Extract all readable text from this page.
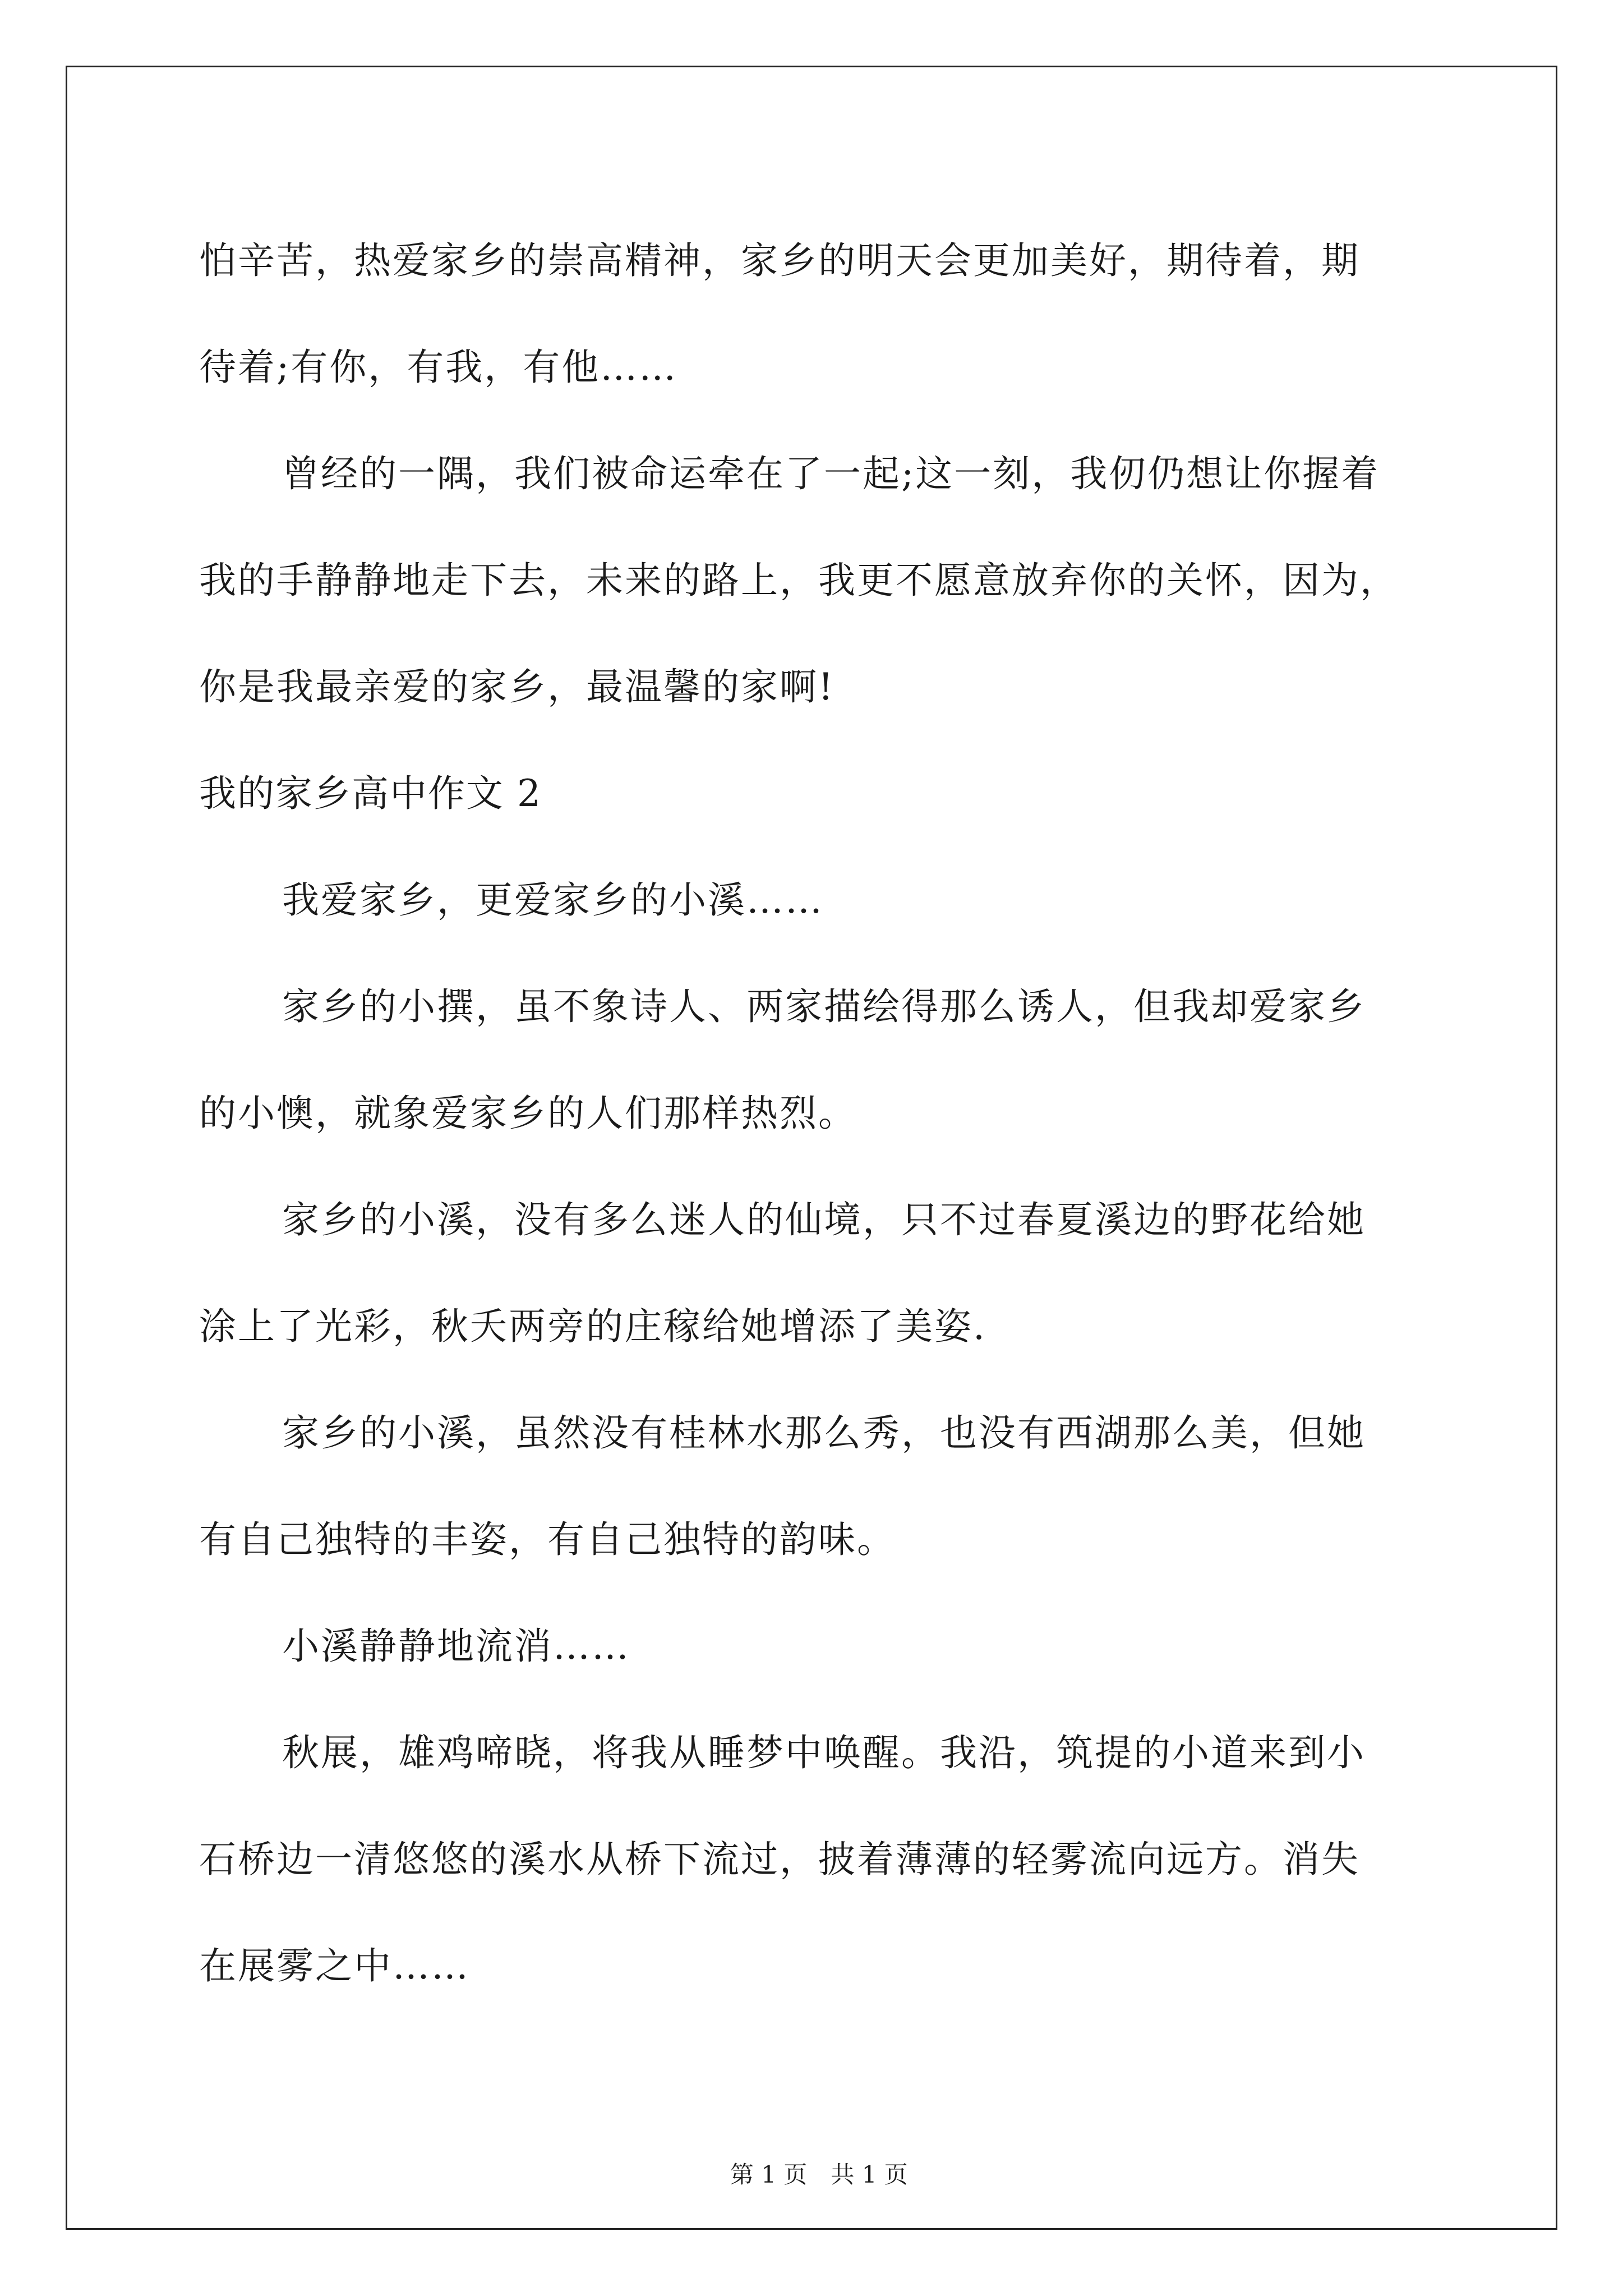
怕辛苦，热爱家乡的崇高精神，家乡的明天会更加美好，期待着，期

待着;有你，有我，有他……

曾经的一隅，我们被命运牵在了一起;这一刻，我仞仍想让你握着

我的手静静地走下去，未来的路上，我更不愿意放弃你的关怀，因为，

你是我最亲爱的家乡，最温馨的家啊!

我的家乡高中作文 2

我爱家乡，更爱家乡的小溪……

家乡的小撰，虽不象诗人、两家描绘得那么诱人，但我却爱家乡

的小懊，就象爱家乡的人们那样热烈。

家乡的小溪，没有多么迷人的仙境，只不过春夏溪边的野花给她

涂上了光彩，秋夭两旁的庄稼给她增添了美姿.

家乡的小溪，虽然没有桂林水那么秀，也没有西湖那么美，但她

有自己独特的丰姿，有自己独特的韵味。

小溪静静地流消……

秋展，雄鸡啼晓，将我从睡梦中唤醒。我沿，筑提的小道来到小

石桥边一清悠悠的溪水从桥下流过，披着薄薄的轻雾流向远方。消失

在展雾之中……

第 1 页　共 1 页
